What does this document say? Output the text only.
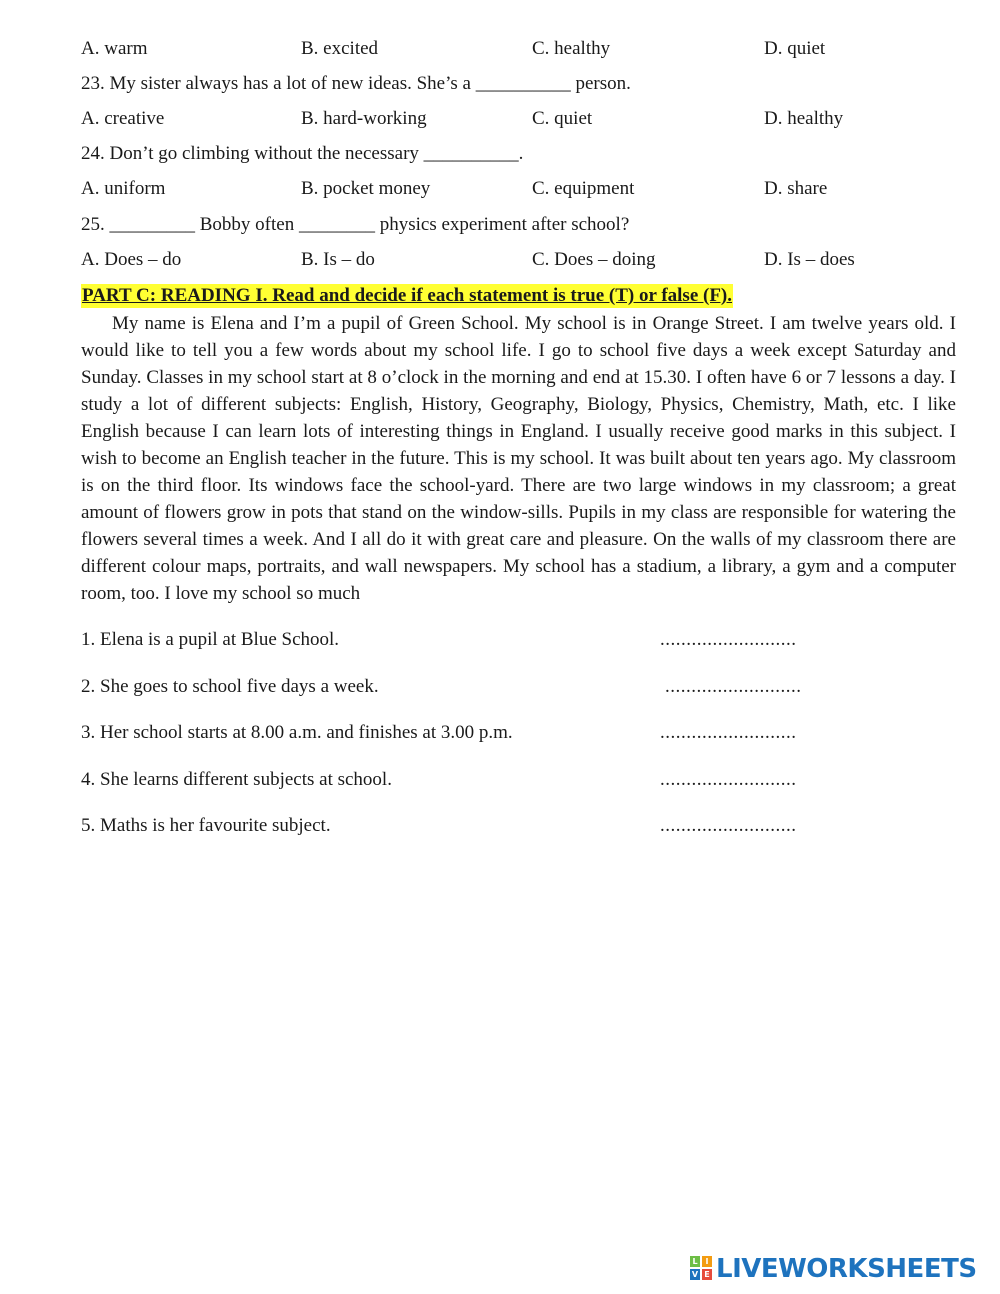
A. warm	B. excited	C. healthy	D. quiet
23. My sister always has a lot of new ideas. She’s a __________ person.
A. creative	B. hard-working	C. quiet	D. healthy
24. Don’t go climbing without the necessary __________.
A. uniform	B. pocket money	C. equipment	D. share
25. _________ Bobby often ________ physics experiment after school?
A. Does – do	B. Is – do	C. Does – doing	D. Is – does
PART C: READING I. Read and decide if each statement is true (T) or false (F).

My name is Elena and I’m a pupil of Green School. My school is in Orange Street. I am twelve years old. I would like to tell you a few words about my school life. I go to school five days a week except Saturday and Sunday. Classes in my school start at 8 o’clock in the morning and end at 15.30. I often have 6 or 7 lessons a day. I study a lot of different subjects: English, History, Geography, Biology, Physics, Chemistry, Math, etc. I like English because I can learn lots of interesting things in England. I usually receive good marks in this subject. I wish to become an English teacher in the future. This is my school. It was built about ten years ago. My classroom is on the third floor. Its windows face the school-yard. There are two large windows in my classroom; a great amount of flowers grow in pots that stand on the window-sills. Pupils in my class are responsible for watering the flowers several times a week. And I all do it with great care and pleasure. On the walls of my classroom there are different colour maps, portraits, and wall newspapers. My school has a stadium, a library, a gym and a computer room, too. I love my school so much

1. Elena is a pupil at Blue School.	..........................
2. She goes to school five days a week.	..........................
3. Her school starts at 8.00 a.m. and finishes at 3.00 p.m.	..........................
4. She learns different subjects at school.	..........................
5. Maths is her favourite subject.	..........................
L I
V E LIVEWORKSHEETS
